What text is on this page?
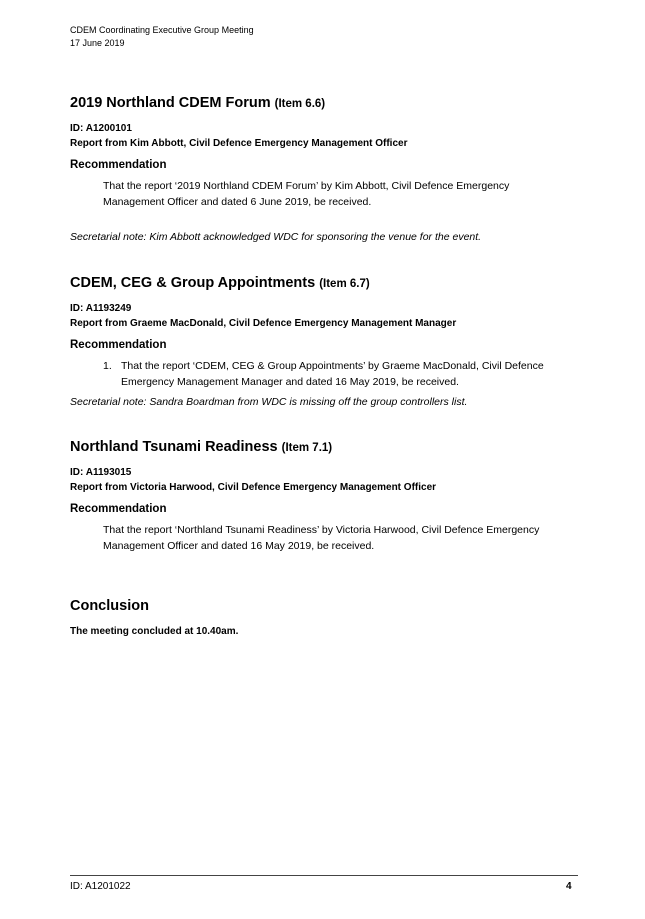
CDEM Coordinating Executive Group Meeting
17 June 2019
2019 Northland CDEM Forum (Item 6.6)

ID: A1200101

Report from Kim Abbott, Civil Defence Emergency Management Officer

Recommendation

That the report ‘2019 Northland CDEM Forum’ by Kim Abbott, Civil Defence Emergency Management Officer and dated 6 June 2019, be received.

Secretarial note: Kim Abbott acknowledged WDC for sponsoring the venue for the event.

CDEM, CEG & Group Appointments (Item 6.7)

ID: A1193249

Report from Graeme MacDonald, Civil Defence Emergency Management Manager

Recommendation

1. That the report ‘CDEM, CEG & Group Appointments’ by Graeme MacDonald, Civil Defence Emergency Management Manager and dated 16 May 2019, be received.

Secretarial note: Sandra Boardman from WDC is missing off the group controllers list.

Northland Tsunami Readiness (Item 7.1)

ID: A1193015

Report from Victoria Harwood, Civil Defence Emergency Management Officer

Recommendation

That the report ‘Northland Tsunami Readiness’ by Victoria Harwood, Civil Defence Emergency Management Officer and dated 16 May 2019, be received.

Conclusion

The meeting concluded at 10.40am.

ID: A1201022	4
